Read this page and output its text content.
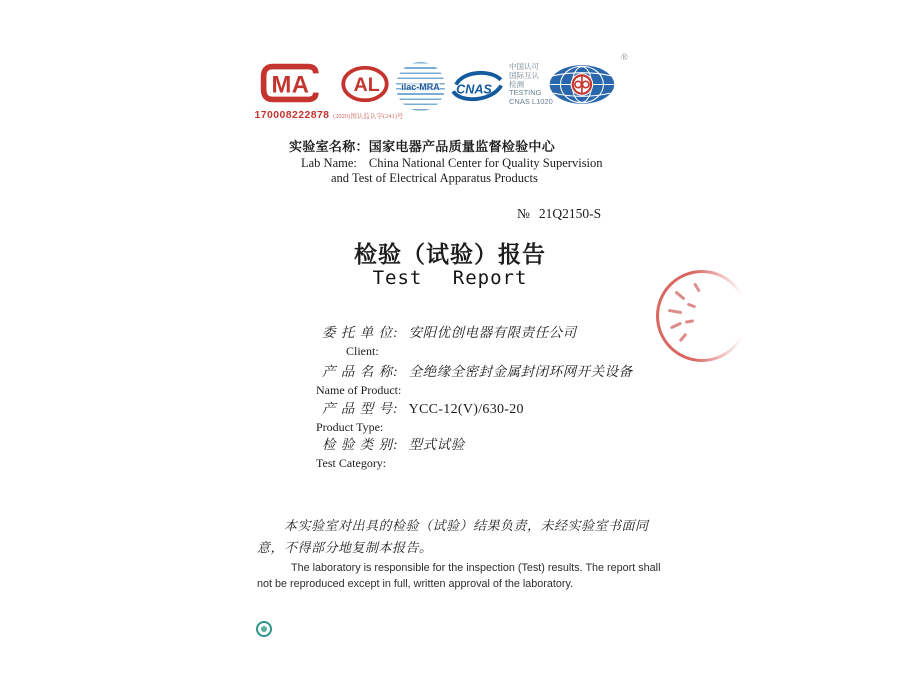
MA
170008222878
AL
(2020)国认监认字(241)号
ilac-MRA CNAS
中国认可
国际互认
检测
TESTING
CNAS L1020
®
实验室名称：国家电器产品质量监督检验中心
Lab Name: China National Center for Quality Supervision
and Test of Electrical Apparatus Products
№ 21Q2150-S
检验（试验）报告
Test Report
委 托 单 位: 安阳优创电器有限责任公司
Client:
产 品 名 称: 全绝缘全密封金属封闭环网开关设备
Name of Product:
产 品 型 号: YCC-12(V)/630-20
Product Type:
检 验 类 别: 型式试验
Test Category:
本实验室对出具的检验（试验）结果负责，未经实验室书面同意，不得部分地复制本报告。
The laboratory is responsible for the inspection (Test) results. The report shall not be reproduced except in full, written approval of the laboratory.
